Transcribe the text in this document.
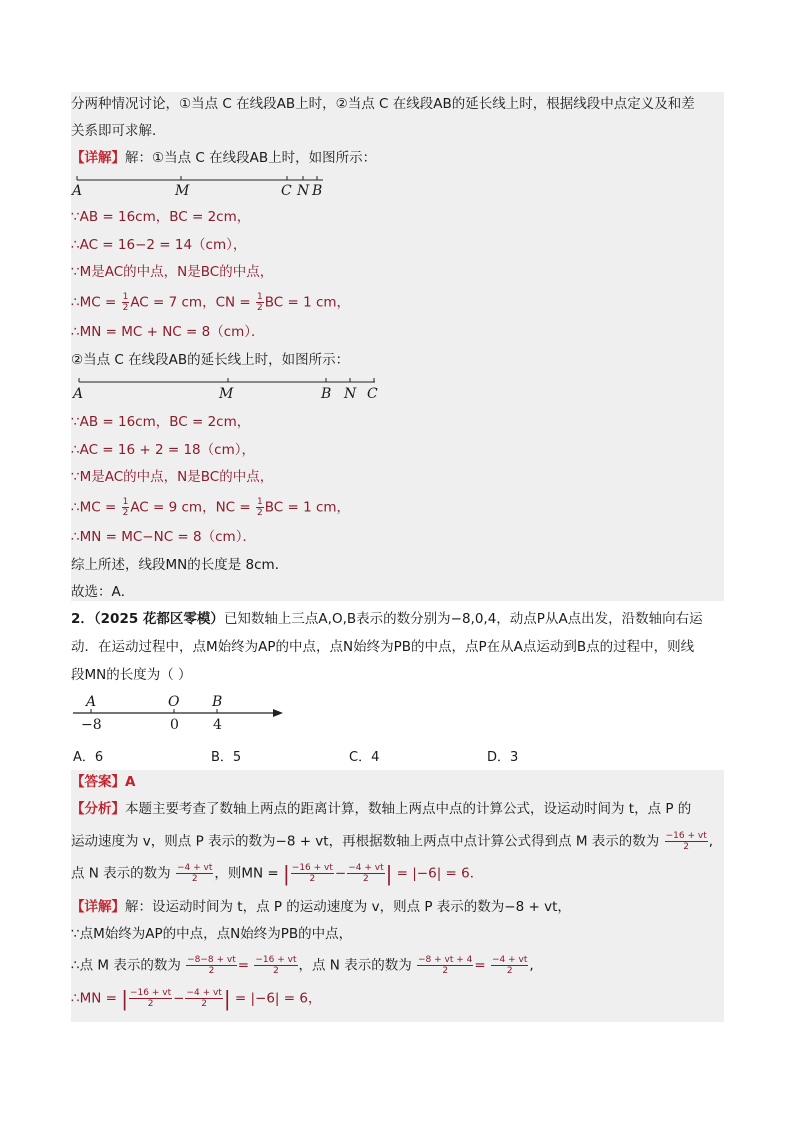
分两种情况讨论，①当点 C 在线段AB上时，②当点 C 在线段AB的延长线上时，根据线段中点定义及和差
关系即可求解．
【详解】解：①当点 C 在线段AB上时，如图所示：
A	M	C N B
∵AB = 16cm，BC = 2cm，
∴AC = 16−2 = 14（cm），
∵M是AC的中点，N是BC的中点，
∴MC = $\frac{1}{2}$ AC = 7 cm，CN = $\frac{1}{2}$ BC = 1 cm，
∴MN = MC + NC = 8（cm）．
②当点 C 在线段AB的延长线上时，如图所示：
A	M	B N C
∵AB = 16cm，BC = 2cm，
∴AC = 16 + 2 = 18（cm），
∵M是AC的中点，N是BC的中点，
∴MC = $\frac{1}{2}$ AC = 9 cm，NC = $\frac{1}{2}$ BC = 1 cm，
∴MN = MC−NC = 8（cm）．
综上所述，线段MN的长度是 8cm．
故选：A．
2．（2025 花都区零模）已知数轴上三点A,O,B表示的数分别为−8,0,4，动点P从A点出发，沿数轴向右运
动．在运动过程中，点M始终为AP的中点，点N始终为PB的中点，点P在从A点运动到B点的过程中，则线
段MN的长度为（ ）
A	O B
−8	0 4
A．6	B．5	C．4	D．3
【答案】A
【分析】本题主要考查了数轴上两点的距离计算，数轴上两点中点的计算公式，设运动时间为 t，点 P 的
运动速度为 v，则点 P 表示的数为−8 + vt，再根据数轴上两点中点计算公式得到点 M 表示的数为 $\frac{-16 + vt}{2}$ ,
点 N 表示的数为 $\frac{-4 + vt}{2}$ ，则MN = | $\frac{-16 + vt}{2} - \frac{-4 + vt}{2}$ | = |−6| = 6．
【详解】解：设运动时间为 t，点 P 的运动速度为 v，则点 P 表示的数为−8 + vt，
∵点M始终为AP的中点，点N始终为PB的中点，
∴点 M 表示的数为 $\frac{-8-8 + vt}{2} = \frac{-16 + vt}{2}$ ，点 N 表示的数为 $\frac{-8 + vt + 4}{2} = \frac{-4 + vt}{2}$ ,
∴MN = | $\frac{-16 + vt}{2} - \frac{-4 + vt}{2}$ | = |−6| = 6，
